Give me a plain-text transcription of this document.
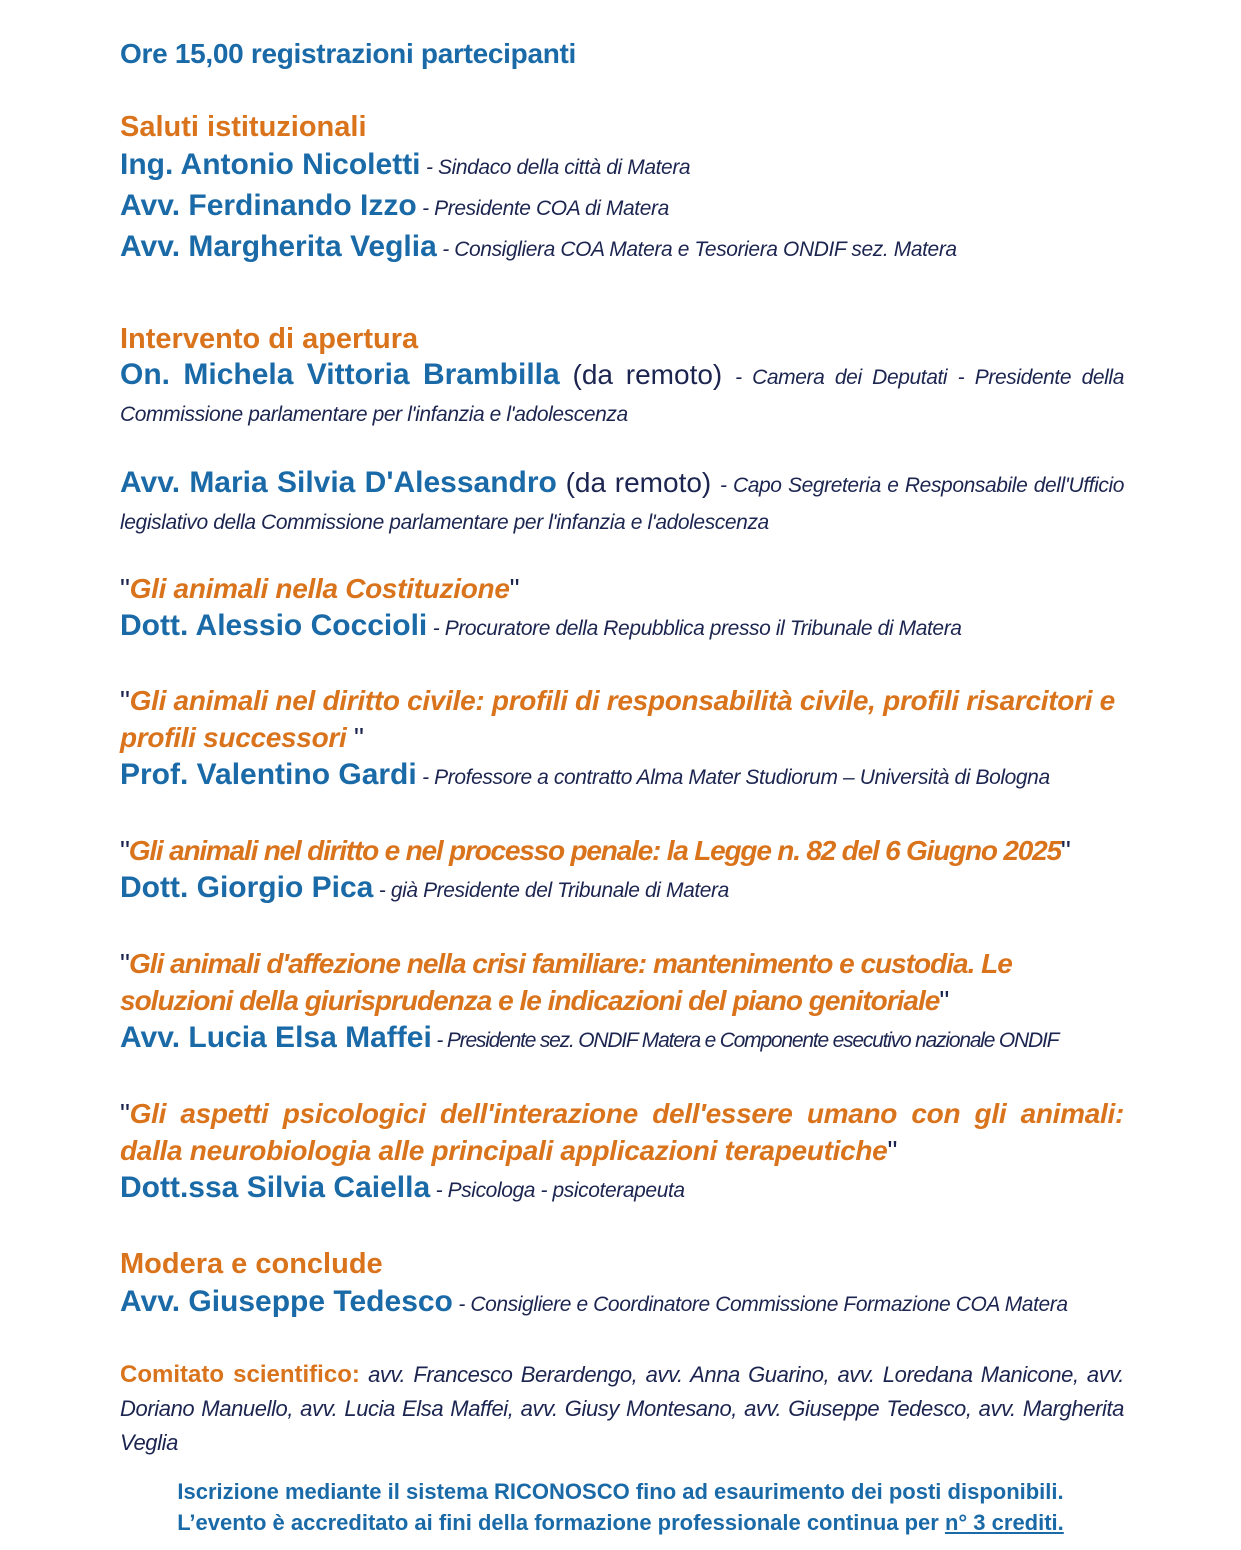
Ore 15,00 registrazioni partecipanti
Saluti istituzionali
Ing. Antonio Nicoletti - Sindaco della città di Matera
Avv. Ferdinando Izzo - Presidente COA di Matera
Avv. Margherita Veglia - Consigliera COA Matera e Tesoriera ONDIF sez. Matera
Intervento di apertura
On. Michela Vittoria Brambilla (da remoto) - Camera dei Deputati - Presidente della Commissione parlamentare per l'infanzia e l'adolescenza
Avv. Maria Silvia D'Alessandro (da remoto) - Capo Segreteria e Responsabile dell'Ufficio legislativo della Commissione parlamentare per l'infanzia e l'adolescenza
"Gli animali nella Costituzione"
Dott. Alessio Coccioli - Procuratore della Repubblica presso il Tribunale di Matera
"Gli animali nel diritto civile: profili di responsabilità civile, profili risarcitori e profili successori "
Prof. Valentino Gardi - Professore a contratto Alma Mater Studiorum – Università di Bologna
"Gli animali nel diritto e nel processo penale: la Legge n. 82 del 6 Giugno 2025"
Dott. Giorgio Pica - già Presidente del Tribunale di Matera
"Gli animali d'affezione nella crisi familiare: mantenimento e custodia. Le soluzioni della giurisprudenza e le indicazioni del piano genitoriale"
Avv. Lucia Elsa Maffei - Presidente sez. ONDIF Matera e Componente esecutivo nazionale ONDIF
"Gli aspetti psicologici dell'interazione dell'essere umano con gli animali: dalla neurobiologia alle principali applicazioni terapeutiche"
Dott.ssa Silvia Caiella - Psicologa - psicoterapeuta
Modera e conclude
Avv. Giuseppe Tedesco - Consigliere e Coordinatore Commissione Formazione COA Matera
Comitato scientifico: avv. Francesco Berardengo, avv. Anna Guarino, avv. Loredana Manicone, avv. Doriano Manuello, avv. Lucia Elsa Maffei, avv. Giusy Montesano, avv. Giuseppe Tedesco, avv. Margherita Veglia
Iscrizione mediante il sistema RICONOSCO fino ad esaurimento dei posti disponibili.
L’evento è accreditato ai fini della formazione professionale continua per n° 3 crediti.
